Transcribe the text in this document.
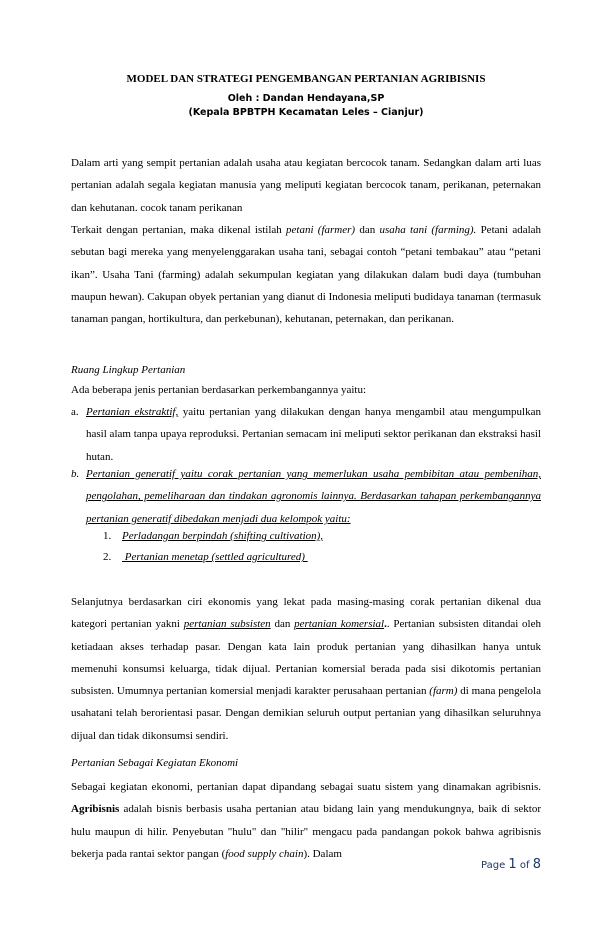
MODEL DAN STRATEGI PENGEMBANGAN PERTANIAN AGRIBISNIS
Oleh : Dandan Hendayana,SP
(Kepala BPBTPH Kecamatan Leles – Cianjur)
Dalam arti yang sempit pertanian adalah usaha atau kegiatan bercocok tanam. Sedangkan dalam arti luas pertanian adalah segala kegiatan manusia yang meliputi kegiatan bercocok tanam, perikanan, peternakan dan kehutanan. cocok tanam perikanan
Terkait dengan pertanian, maka dikenal istilah petani (farmer) dan usaha tani (farming). Petani adalah sebutan bagi mereka yang menyelenggarakan usaha tani, sebagai contoh “petani tembakau” atau “petani ikan”. Usaha Tani (farming) adalah sekumpulan kegiatan yang dilakukan dalam budi daya (tumbuhan maupun hewan). Cakupan obyek pertanian yang dianut di Indonesia meliputi budidaya tanaman (termasuk tanaman pangan, hortikultura, dan perkebunan), kehutanan, peternakan, dan perikanan.
Ruang Lingkup Pertanian
Ada beberapa jenis pertanian berdasarkan perkembangannya yaitu:
a. Pertanian ekstraktif, yaitu pertanian yang dilakukan dengan hanya mengambil atau mengumpulkan hasil alam tanpa upaya reproduksi. Pertanian semacam ini meliputi sektor perikanan dan ekstraksi hasil hutan.
b. Pertanian generatif yaitu corak pertanian yang memerlukan usaha pembibitan atau pembenihan, pengolahan, pemeliharaan dan tindakan agronomis lainnya. Berdasarkan tahapan perkembangannya pertanian generatif dibedakan menjadi dua kelompok yaitu:
1. Perladangan berpindah (shifting cultivation),
2. Pertanian menetap (settled agricultured)
Selanjutnya berdasarkan ciri ekonomis yang lekat pada masing-masing corak pertanian dikenal dua kategori pertanian yakni pertanian subsisten dan pertanian komersial.. Pertanian subsisten ditandai oleh ketiadaan akses terhadap pasar. Dengan kata lain produk pertanian yang dihasilkan hanya untuk memenuhi konsumsi keluarga, tidak dijual. Pertanian komersial berada pada sisi dikotomis pertanian subsisten. Umumnya pertanian komersial menjadi karakter perusahaan pertanian (farm) di mana pengelola usahatani telah berorientasi pasar. Dengan demikian seluruh output pertanian yang dihasilkan seluruhnya dijual dan tidak dikonsumsi sendiri.
Pertanian Sebagai Kegiatan Ekonomi
Sebagai kegiatan ekonomi, pertanian dapat dipandang sebagai suatu sistem yang dinamakan agribisnis. Agribisnis adalah bisnis berbasis usaha pertanian atau bidang lain yang mendukungnya, baik di sektor hulu maupun di hilir. Penyebutan "hulu" dan "hilir" mengacu pada pandangan pokok bahwa agribisnis bekerja pada rantai sektor pangan (food supply chain). Dalam
Page 1 of 8
